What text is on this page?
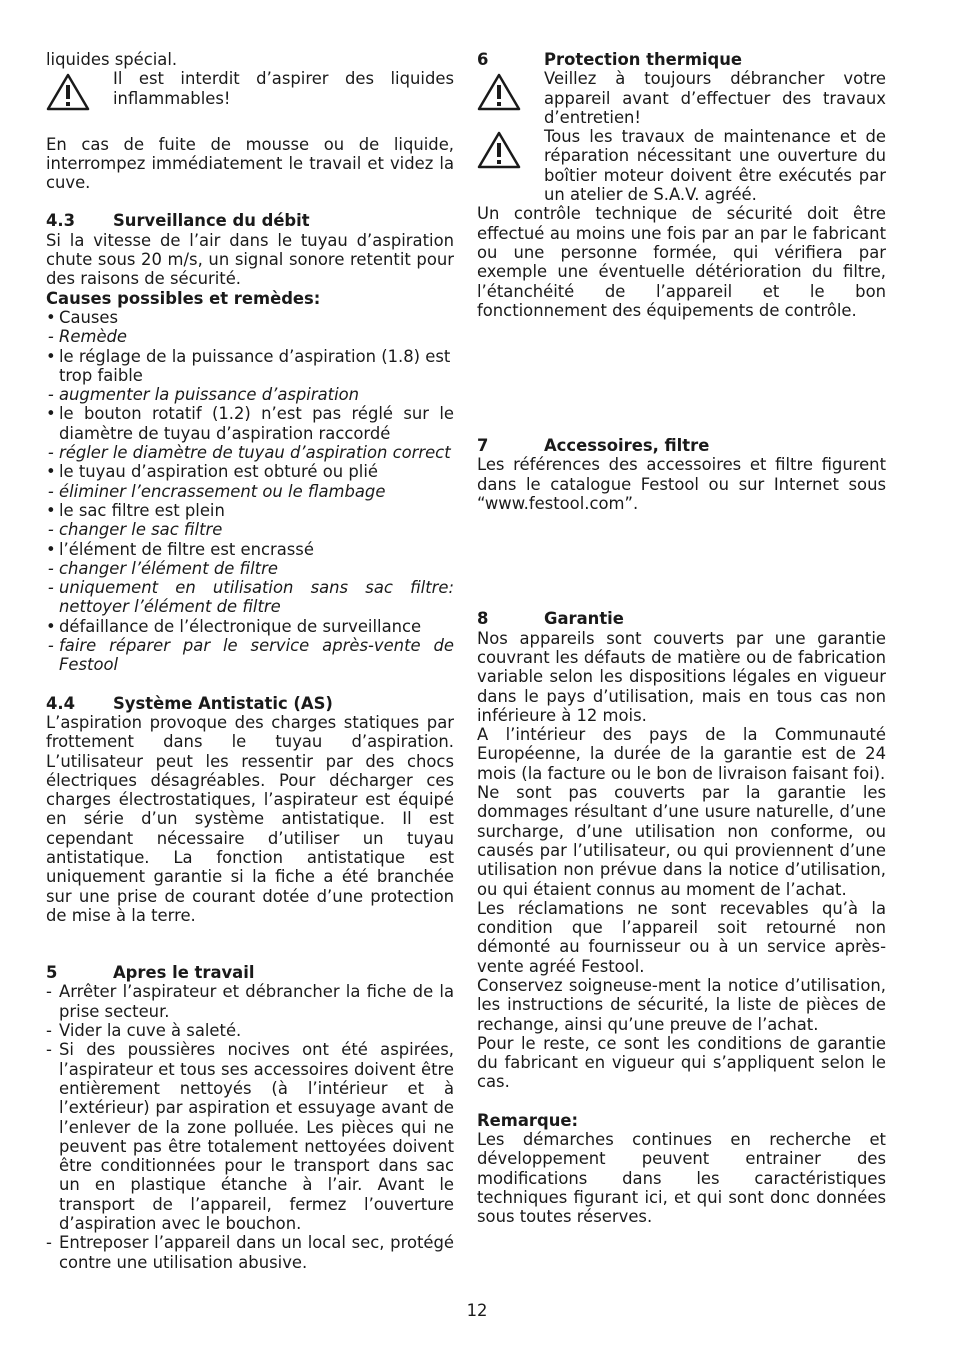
liquides spécial.
Il est interdit d’aspirer des liquides inflammables!
En cas de fuite de mousse ou de liquide, interrompez immédiatement le travail et videz la cuve.
4.3	Surveillance du débit
Si la vitesse de l’air dans le tuyau d’aspiration chute sous 20 m/s, un signal sonore retentit pour des raisons de sécurité.
Causes possibles et remèdes:
• Causes
- Remède
• le réglage de la puissance d’aspiration (1.8) est trop faible
- augmenter la puissance d’aspiration
• le bouton rotatif (1.2) n’est pas réglé sur le diamètre de tuyau d’aspiration raccordé
- régler le diamètre de tuyau d’aspiration correct
• le tuyau d’aspiration est obturé ou plié
- éliminer l’encrassement ou le flambage
• le sac filtre est plein
- changer le sac filtre
• l’élément de filtre est encrassé
- changer l’élément de filtre
- uniquement en utilisation sans sac filtre: nettoyer l’élément de filtre
• défaillance de l’électronique de surveillance
- faire réparer par le service après-vente de Festool
4.4	Système Antistatic (AS)
L’aspiration provoque des charges statiques par frottement dans le tuyau d’aspiration. L’utilisateur peut les ressentir par des chocs électriques désagréables. Pour décharger ces charges électrostatiques, l’aspirateur est équipé en série d’un système antistatique. Il est cependant nécessaire d’utiliser un tuyau antistatique. La fonction antistatique est uniquement garantie si la fiche a été branchée sur une prise de courant dotée d’une protection de mise à la terre.
5	Apres le travail
- Arrêter l’aspirateur et débrancher la fiche de la prise secteur.
- Vider la cuve à saleté.
- Si des poussières nocives ont été aspirées, l’aspirateur et tous ses accessoires doivent être entièrement nettoyés (à l’intérieur et à l’extérieur) par aspiration et essuyage avant de l’enlever de la zone polluée. Les pièces qui ne peuvent pas être totalement nettoyées doivent être conditionnées pour le transport dans sac un en plastique étanche à l’air. Avant le transport de l’appareil, fermez l’ouverture d’aspiration avec le bouchon.
- Entreposer l’appareil dans un local sec, protégé contre une utilisation abusive.
6	Protection thermique
Veillez à toujours débrancher votre appareil avant d’effectuer des travaux d’entretien!
Tous les travaux de maintenance et de réparation nécessitant une ouverture du boîtier moteur doivent être exécutés par un atelier de S.A.V. agréé.
Un contrôle technique de sécurité doit être effectué au moins une fois par an par le fabricant ou une personne formée, qui vérifiera par exemple une éventuelle détérioration du filtre, l’étanchéité de l’appareil et le bon fonctionnement des équipements de contrôle.
7	Accessoires, filtre
Les références des accessoires et filtre figurent dans le catalogue Festool ou sur Internet sous “www.festool.com”.
8	Garantie
Nos appareils sont couverts par une garantie couvrant les défauts de matière ou de fabrication variable selon les dispositions légales en vigueur dans le pays d’utilisation, mais en tous cas non inférieure à 12 mois.
A l’intérieur des pays de la Communauté Européenne, la durée de la garantie est de 24 mois (la facture ou le bon de livraison faisant foi).
Ne sont pas couverts par la garantie les dommages résultant d’une usure naturelle, d’une surcharge, d’une utilisation non conforme, ou causés par l’utilisateur, ou qui proviennent d’une utilisation non prévue dans la notice d’utilisation, ou qui étaient connus au moment de l’achat.
Les réclamations ne sont recevables qu’à la condition que l’appareil soit retourné non démonté au fournisseur ou à un service après-vente agréé Festool.
Conservez soigneuse-ment la notice d’utilisation, les instructions de sécurité, la liste de pièces de rechange, ainsi qu’une preuve de l’achat.
Pour le reste, ce sont les conditions de garantie du fabricant en vigueur qui s’appliquent selon le cas.
Remarque:
Les démarches continues en recherche et développement peuvent entrainer des modifications dans les caractéristiques techniques figurant ici, et qui sont donc données sous toutes réserves.
12
